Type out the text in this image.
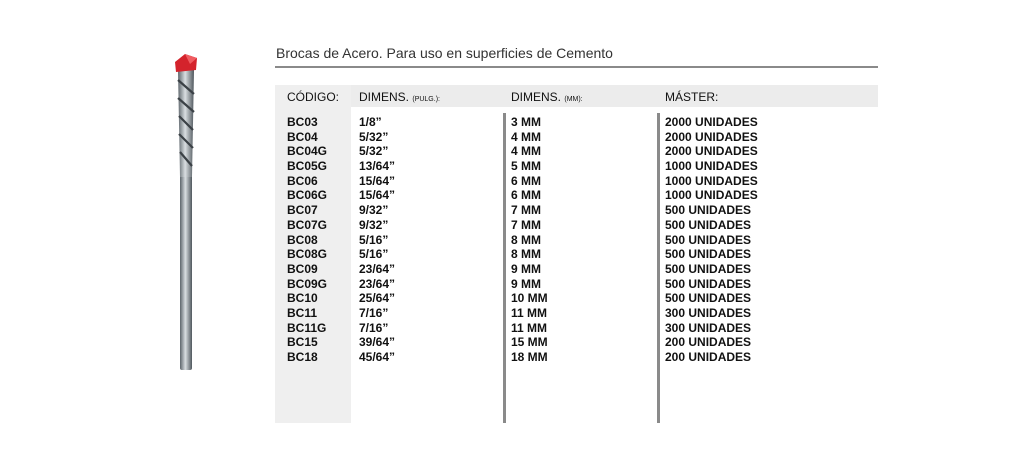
Brocas de Acero. Para uso en superficies de Cemento
CÓDIGO: DIMENS. (PULG.):	DIMENS. (MM):	MÁSTER:
BC03
BC04
BC04G
BC05G
BC06
BC06G
BC07
BC07G
BC08
BC08G
BC09
BC09G
BC10
BC11
BC11G
BC15
BC18
1/8”
5/32”
5/32”
13/64”
15/64”
15/64”
9/32”
9/32”
5/16”
5/16”
23/64”
23/64”
25/64”
7/16”
7/16”
39/64”
45/64”
3 MM
4 MM
4 MM
5 MM
6 MM
6 MM
7 MM
7 MM
8 MM
8 MM
9 MM
9 MM
10 MM
11 MM
11 MM
15 MM
18 MM
2000 UNIDADES
2000 UNIDADES
2000 UNIDADES
1000 UNIDADES
1000 UNIDADES
1000 UNIDADES
500 UNIDADES
500 UNIDADES
500 UNIDADES
500 UNIDADES
500 UNIDADES
500 UNIDADES
500 UNIDADES
300 UNIDADES
300 UNIDADES
200 UNIDADES
200 UNIDADES
